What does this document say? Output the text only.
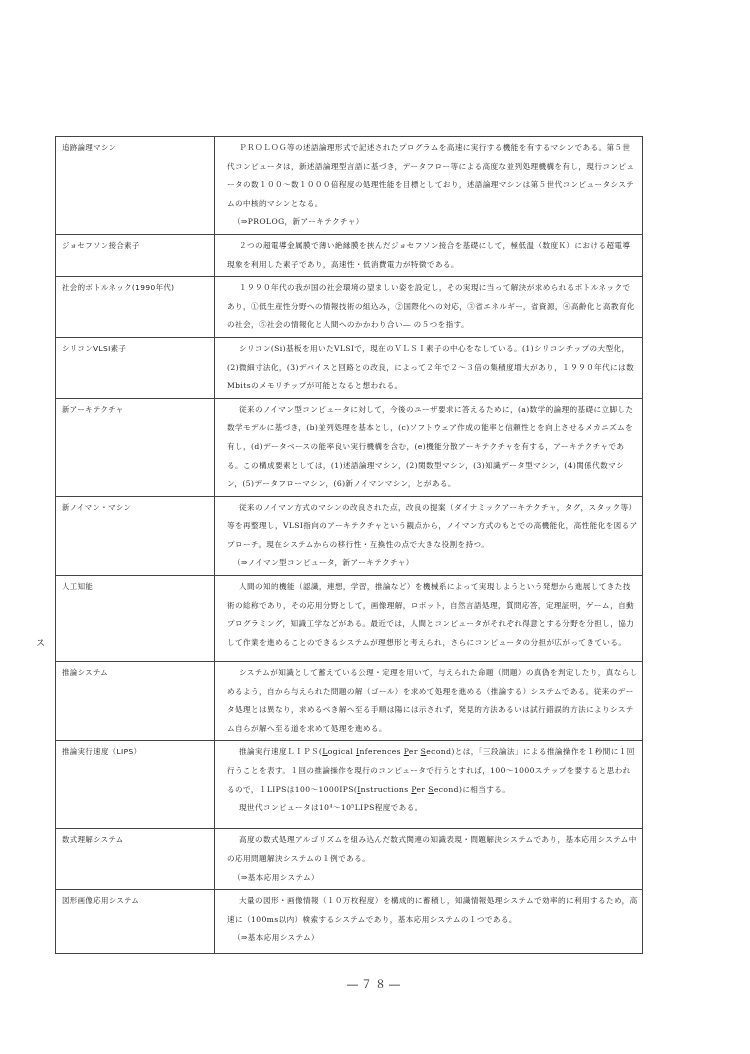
ス
追跡論理マシン	ＰＲＯＬＯＧ等の述語論理形式で記述されたプログラムを高速に実行する機能を有するマシンである。第５世代コンピュータは，新述語論理型言語に基づき，データフロー等による高度な並列処理機構を有し，現行コンピュータの数１００～数１０００倍程度の処理性能を目標としており，述語論理マシンは第５世代コンピュータシステムの中核的マシンとなる。
（⇒PROLOG，新アーキテクチャ）

ジョセフソン接合素子	２つの超電導金属膜で薄い絶縁膜を挟んだジョセフソン接合を基礎にして，極低温（数度Ｋ）における超電導現象を利用した素子であり，高速性・低消費電力が特徴である。

社会的ボトルネック(1990年代)	１９９０年代の我が国の社会環境の望ましい姿を設定し，その実現に当って解決が求められるボトルネックであり，①低生産性分野への情報技術の組込み，②国際化への対応，③省エネルギー，省資源，④高齢化と高教育化の社会，⑤社会の情報化と人間へのかかわり合い― の５つを指す。

シリコンVLSI素子	シリコン(Si)基板を用いたVLSIで，現在のＶＬＳＩ素子の中心をなしている。(1)シリコンチップの大型化，(2)微細寸法化，(3)デバイスと回路との改良，によって２年で２～３倍の集積度増大があり，１９９０年代には数Mbitsのメモリチップが可能となると想われる。

新アーキテクチャ	従来のノイマン型コンピュータに対して，今後のユーザ要求に答えるために，(a)数学的論理的基礎に立脚した数学モデルに基づき，(b)並列処理を基本とし，(c)ソフトウェア作成の能率と信頼性とを向上させるメカニズムを有し，(d)データベースの能率良い実行機構を含む，(e)機能分散アーキテクチャを有する，アーキテクチャである。この構成要素としては，(1)述語論理マシン，(2)関数型マシン，(3)知識データ型マシン，(4)関係代数マシン，(5)データフローマシン，(6)新ノイマンマシン，とがある。

新ノイマン・マシン	従来のノイマン方式のマシンの改良された点，改良の提案（ダイナミックアーキテクチャ，タグ，スタック等）等を再整理し，VLSI指向のアーキテクチャという観点から，ノイマン方式のもとでの高機能化，高性能化を図るアプローチ。現在システムからの移行性・互換性の点で大きな役割を持つ。
（⇒ノイマン型コンピュータ，新アーキテクチャ）

人工知能	人間の知的機能（認識，連想，学習，推論など）を機械系によって実現しようという発想から進展してきた技術の総称であり，その応用分野として，画像理解，ロボット，自然言語処理，質問応答，定理証明，ゲーム，自動プログラミング，知識工学などがある。最近では，人間とコンピュータがそれぞれ得意とする分野を分担し，協力して作業を進めることのできるシステムが理想形と考えられ，さらにコンピュータの分担が広がってきている。

推論システム	システムが知識として蓄えている公理・定理を用いて，与えられた命題（問題）の真偽を判定したり，真ならしめるよう，自から与えられた問題の解（ゴール）を求めて処理を進める（推論する）システムである。従来のデータ処理とは異なり，求めるべき解へ至る手順は陽には示されず，発見的方法あるいは試行錯誤的方法によりシステム自らが解へ至る道を求めて処理を進める。

推論実行速度（LIPS）	推論実行速度ＬＩＰＳ(Logical Inferences Per Second)とは，「三段論法」による推論操作を１秒間に１回行うことを表す。１回の推論操作を現行のコンピュータで行うとすれば，100～1000ステップを要すると思われるので，１LIPSは100～1000IPS(Instructions Per Second)に相当する。
現世代コンピュータは10⁴～10⁵LIPS程度である。

数式理解システム	高度の数式処理アルゴリズムを組み込んだ数式関連の知識表現・問題解決システムであり，基本応用システム中の応用問題解決システムの１例である。
（⇒基本応用システム）

図形画像応用システム	大量の図形・画像情報（１０万枚程度）を構成的に蓄積し，知識情報処理システムで効率的に利用するため，高速に（100ms以内）検索するシステムであり，基本応用システムの１つである。
（⇒基本応用システム）
―７８―
